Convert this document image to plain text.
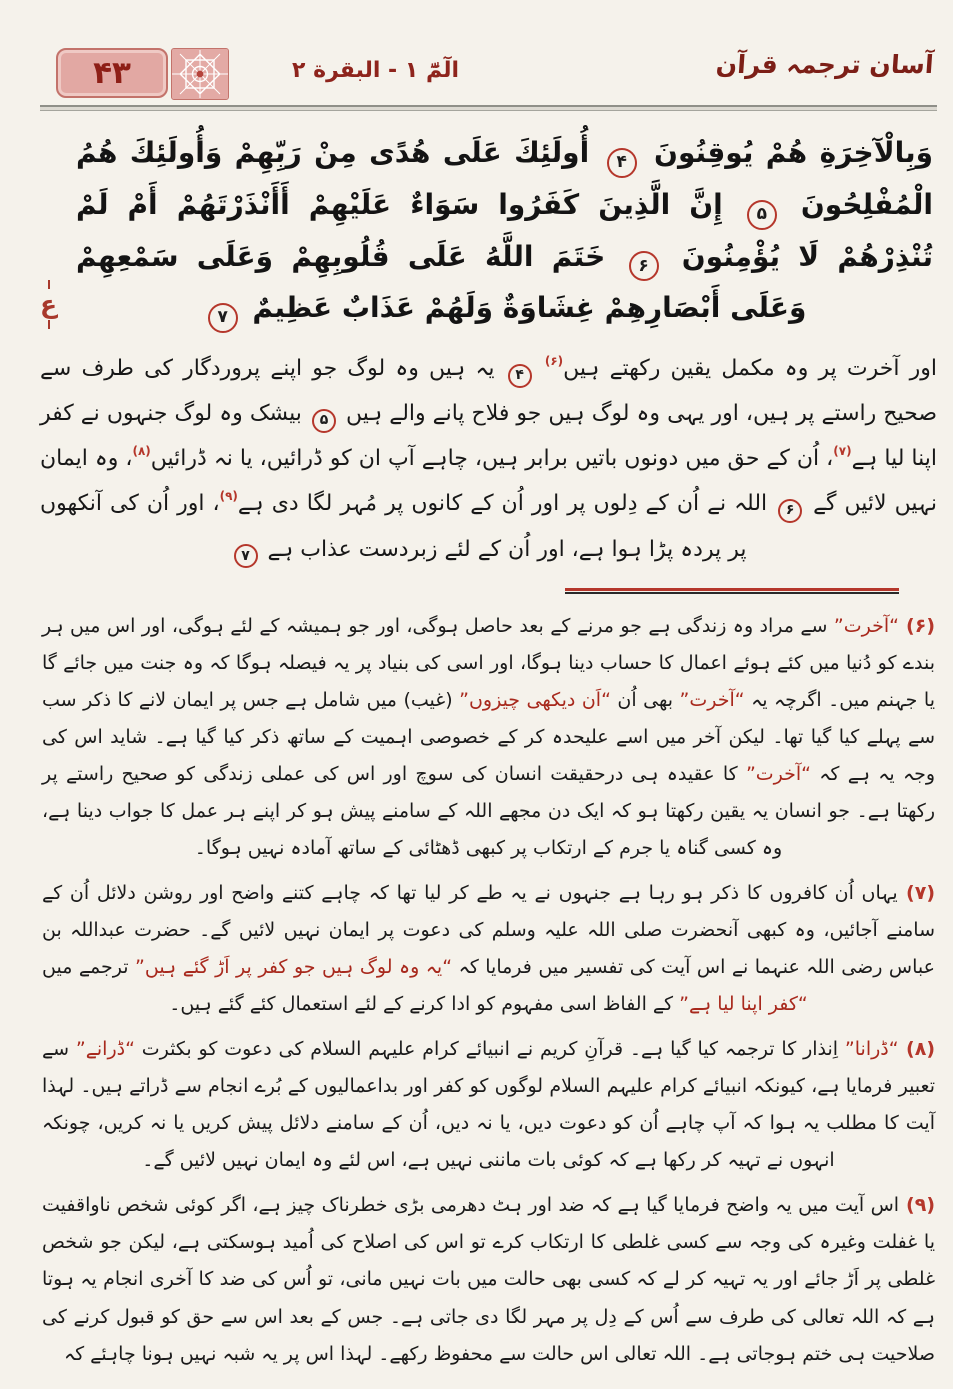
آسان ترجمہ قرآن
الٓمّٓ ۱ - البقرة ۲
۴۳

وَبِالْآخِرَةِ هُمْ يُوقِنُونَ ۴ أُولَئِكَ عَلَى هُدًى مِنْ رَبِّهِمْ وَأُولَئِكَ هُمُ الْمُفْلِحُونَ ۵ إِنَّ الَّذِينَ كَفَرُوا سَوَاءٌ عَلَيْهِمْ أَأَنْذَرْتَهُمْ أَمْ لَمْ تُنْذِرْهُمْ لَا يُؤْمِنُونَ ۶ خَتَمَ اللَّهُ عَلَى قُلُوبِهِمْ وَعَلَى سَمْعِهِمْ وَعَلَى أَبْصَارِهِمْ غِشَاوَةٌ وَلَهُمْ عَذَابٌ عَظِيمٌ ۷

ع

اور آخرت پر وہ مکمل یقین رکھتے ہیں$^{(۶)}$ ۴ یہ ہیں وہ لوگ جو اپنے پروردگار کی طرف سے صحیح راستے پر ہیں، اور یہی وہ لوگ ہیں جو فلاح پانے والے ہیں ۵ بیشک وہ لوگ جنہوں نے کفر اپنا لیا ہے$^{(۷)}$، اُن کے حق میں دونوں باتیں برابر ہیں، چاہے آپ ان کو ڈرائیں، یا نہ ڈرائیں$^{(۸)}$، وہ ایمان نہیں لائیں گے ۶ اللہ نے اُن کے دِلوں پر اور اُن کے کانوں پر مُہر لگا دی ہے$^{(۹)}$، اور اُن کی آنکھوں پر پردہ پڑا ہوا ہے، اور اُن کے لئے زبردست عذاب ہے ۷

(۶) “آخرت” سے مراد وہ زندگی ہے جو مرنے کے بعد حاصل ہوگی، اور جو ہمیشہ کے لئے ہوگی، اور اس میں ہر بندے کو دُنیا میں کئے ہوئے اعمال کا حساب دینا ہوگا، اور اسی کی بنیاد پر یہ فیصلہ ہوگا کہ وہ جنت میں جائے گا یا جہنم میں۔ اگرچہ یہ “آخرت” بھی اُن “اَن دیکھی چیزوں” (غیب) میں شامل ہے جس پر ایمان لانے کا ذکر سب سے پہلے کیا گیا تھا۔ لیکن آخر میں اسے علیحدہ کر کے خصوصی اہمیت کے ساتھ ذکر کیا گیا ہے۔ شاید اس کی وجہ یہ ہے کہ “آخرت” کا عقیدہ ہی درحقیقت انسان کی سوچ اور اس کی عملی زندگی کو صحیح راستے پر رکھتا ہے۔ جو انسان یہ یقین رکھتا ہو کہ ایک دن مجھے اللہ کے سامنے پیش ہو کر اپنے ہر عمل کا جواب دینا ہے، وہ کسی گناہ یا جرم کے ارتکاب پر کبھی ڈھٹائی کے ساتھ آمادہ نہیں ہوگا۔

(۷) یہاں اُن کافروں کا ذکر ہو رہا ہے جنہوں نے یہ طے کر لیا تھا کہ چاہے کتنے واضح اور روشن دلائل اُن کے سامنے آجائیں، وہ کبھی آنحضرت صلی اللہ علیہ وسلم کی دعوت پر ایمان نہیں لائیں گے۔ حضرت عبداللہ بن عباس رضی اللہ عنہما نے اس آیت کی تفسیر میں فرمایا کہ “یہ وہ لوگ ہیں جو کفر پر اَڑ گئے ہیں” ترجمے میں “کفر اپنا لیا ہے” کے الفاظ اسی مفہوم کو ادا کرنے کے لئے استعمال کئے گئے ہیں۔

(۸) “ڈرانا” اِنذار کا ترجمہ کیا گیا ہے۔ قرآنِ کریم نے انبیائے کرام علیہم السلام کی دعوت کو بکثرت “ڈرانے” سے تعبیر فرمایا ہے، کیونکہ انبیائے کرام علیہم السلام لوگوں کو کفر اور بداعمالیوں کے بُرے انجام سے ڈراتے ہیں۔ لہذا آیت کا مطلب یہ ہوا کہ آپ چاہے اُن کو دعوت دیں، یا نہ دیں، اُن کے سامنے دلائل پیش کریں یا نہ کریں، چونکہ انہوں نے تہیہ کر رکھا ہے کہ کوئی بات ماننی نہیں ہے، اس لئے وہ ایمان نہیں لائیں گے۔

(۹) اس آیت میں یہ واضح فرمایا گیا ہے کہ ضد اور ہٹ دھرمی بڑی خطرناک چیز ہے، اگر کوئی شخص ناواقفیت یا غفلت وغیرہ کی وجہ سے کسی غلطی کا ارتکاب کرے تو اس کی اصلاح کی اُمید ہوسکتی ہے، لیکن جو شخص غلطی پر اَڑ جائے اور یہ تہیہ کر لے کہ کسی بھی حالت میں بات نہیں مانی، تو اُس کی ضد کا آخری انجام یہ ہوتا ہے کہ اللہ تعالی کی طرف سے اُس کے دِل پر مہر لگا دی جاتی ہے۔ جس کے بعد اس سے حق کو قبول کرنے کی صلاحیت ہی ختم ہوجاتی ہے۔ اللہ تعالی اس حالت سے محفوظ رکھے۔ لہذا اس پر یہ شبہ نہیں ہونا چاہئے کہ
